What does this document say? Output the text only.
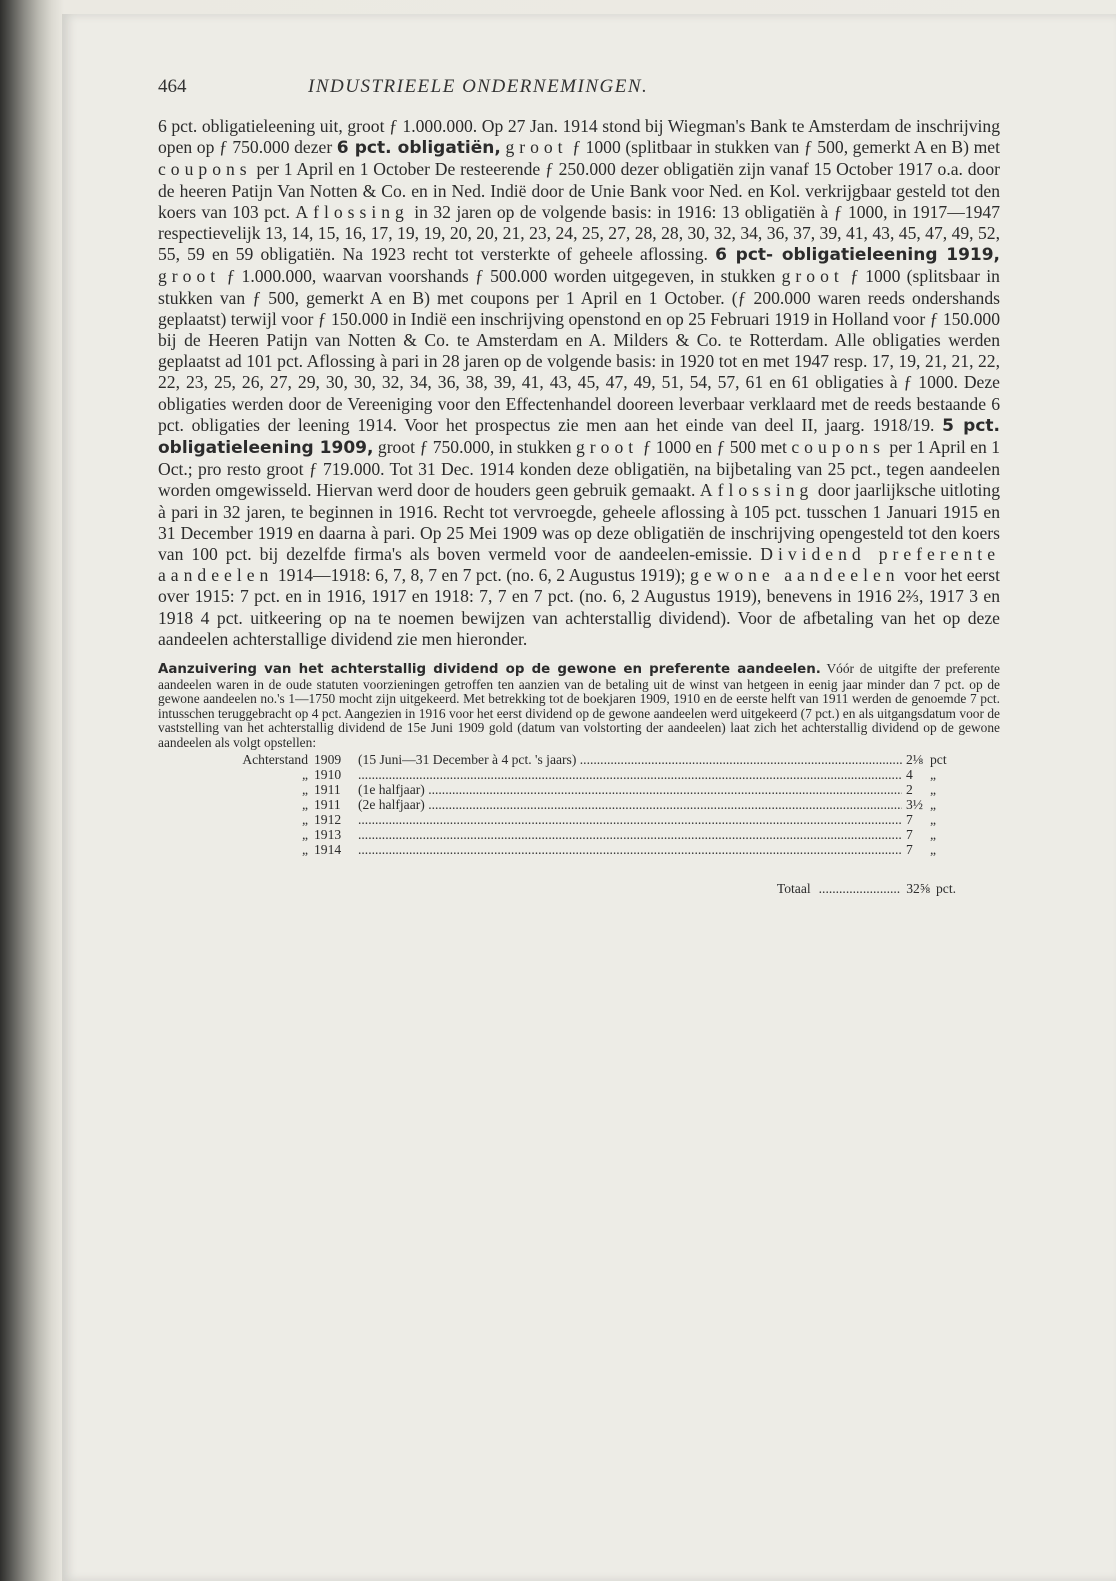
464	INDUSTRIEELE ONDERNEMINGEN.

6 pct. obligatieleening uit, groot ƒ 1.000.000. Op 27 Jan. 1914 stond bij Wiegman's Bank te Amsterdam de inschrijving open op ƒ 750.000 dezer 6 pct. obligatiën, groot ƒ 1000 (splitbaar in stukken van ƒ 500, gemerkt A en B) met coupons per 1 April en 1 October De resteerende ƒ 250.000 dezer obligatiën zijn vanaf 15 October 1917 o.a. door de heeren Patijn Van Notten & Co. en in Ned. Indië door de Unie Bank voor Ned. en Kol. verkrijgbaar gesteld tot den koers van 103 pct. Aflossing in 32 jaren op de volgende basis: in 1916: 13 obligatiën à ƒ 1000, in 1917—1947 respectievelijk 13, 14, 15, 16, 17, 19, 19, 20, 20, 21, 23, 24, 25, 27, 28, 28, 30, 32, 34, 36, 37, 39, 41, 43, 45, 47, 49, 52, 55, 59 en 59 obligatiën. Na 1923 recht tot versterkte of geheele aflossing. 6 pct- obligatieleening 1919, groot ƒ 1.000.000, waarvan voorshands ƒ 500.000 worden uitgegeven, in stukken groot ƒ 1000 (splitsbaar in stukken van ƒ 500, gemerkt A en B) met coupons per 1 April en 1 October. (ƒ 200.000 waren reeds ondershands geplaatst) terwijl voor ƒ 150.000 in Indië een inschrijving openstond en op 25 Februari 1919 in Holland voor ƒ 150.000 bij de Heeren Patijn van Notten & Co. te Amsterdam en A. Milders & Co. te Rotterdam. Alle obligaties werden geplaatst ad 101 pct. Aflossing à pari in 28 jaren op de volgende basis: in 1920 tot en met 1947 resp. 17, 19, 21, 21, 22, 22, 23, 25, 26, 27, 29, 30, 30, 32, 34, 36, 38, 39, 41, 43, 45, 47, 49, 51, 54, 57, 61 en 61 obligaties à ƒ 1000. Deze obligaties werden door de Vereeniging voor den Effectenhandel dooreen leverbaar verklaard met de reeds bestaande 6 pct. obligaties der leening 1914. Voor het prospectus zie men aan het einde van deel II, jaarg. 1918/19. 5 pct. obligatieleening 1909, groot ƒ 750.000, in stukken groot ƒ 1000 en ƒ 500 met coupons per 1 April en 1 Oct.; pro resto groot ƒ 719.000. Tot 31 Dec. 1914 konden deze obligatiën, na bijbetaling van 25 pct., tegen aandeelen worden omgewisseld. Hiervan werd door de houders geen gebruik gemaakt. Aflossing door jaarlijksche uitloting à pari in 32 jaren, te beginnen in 1916. Recht tot vervroegde, geheele aflossing à 105 pct. tusschen 1 Januari 1915 en 31 December 1919 en daarna à pari. Op 25 Mei 1909 was op deze obligatiën de inschrijving opengesteld tot den koers van 100 pct. bij dezelfde firma's als boven vermeld voor de aandeelen-emissie. Dividend preferente aandeelen 1914—1918: 6, 7, 8, 7 en 7 pct. (no. 6, 2 Augustus 1919); gewone aandeelen voor het eerst over 1915: 7 pct. en in 1916, 1917 en 1918: 7, 7 en 7 pct. (no. 6, 2 Augustus 1919), benevens in 1916 2⅔, 1917 3 en 1918 4 pct. uitkeering op na te noemen bewijzen van achterstallig dividend). Voor de afbetaling van het op deze aandeelen achterstallige dividend zie men hieronder.

Aanzuivering van het achterstallig dividend op de gewone en preferente aandeelen. Vóór de uitgifte der preferente aandeelen waren in de oude statuten voorzieningen getroffen ten aanzien van de betaling uit de winst van hetgeen in eenig jaar minder dan 7 pct. op de gewone aandeelen no.'s 1—1750 mocht zijn uitgekeerd. Met betrekking tot de boekjaren 1909, 1910 en de eerste helft van 1911 werden de genoemde 7 pct. intusschen teruggebracht op 4 pct. Aangezien in 1916 voor het eerst dividend op de gewone aandeelen werd uitgekeerd (7 pct.) en als uitgangsdatum voor de vaststelling van het achterstallig dividend de 15e Juni 1909 gold (datum van volstorting der aandeelen) laat zich het achterstallig dividend op de gewone aandeelen als volgt opstellen:
Achterstand 1909	(15 Juni—31 December à 4 pct. 's jaars) .....	2⅛ pct
„ 1910 .....	4	„
„ 1911	(1e halfjaar) .....	2	„
„ 1911	(2e halfjaar) .....	3½ „
„ 1912 .....	7	„
„ 1913 .....	7	„
„ 1914 .....	7	„
Totaal .....	32⅝ pct.
